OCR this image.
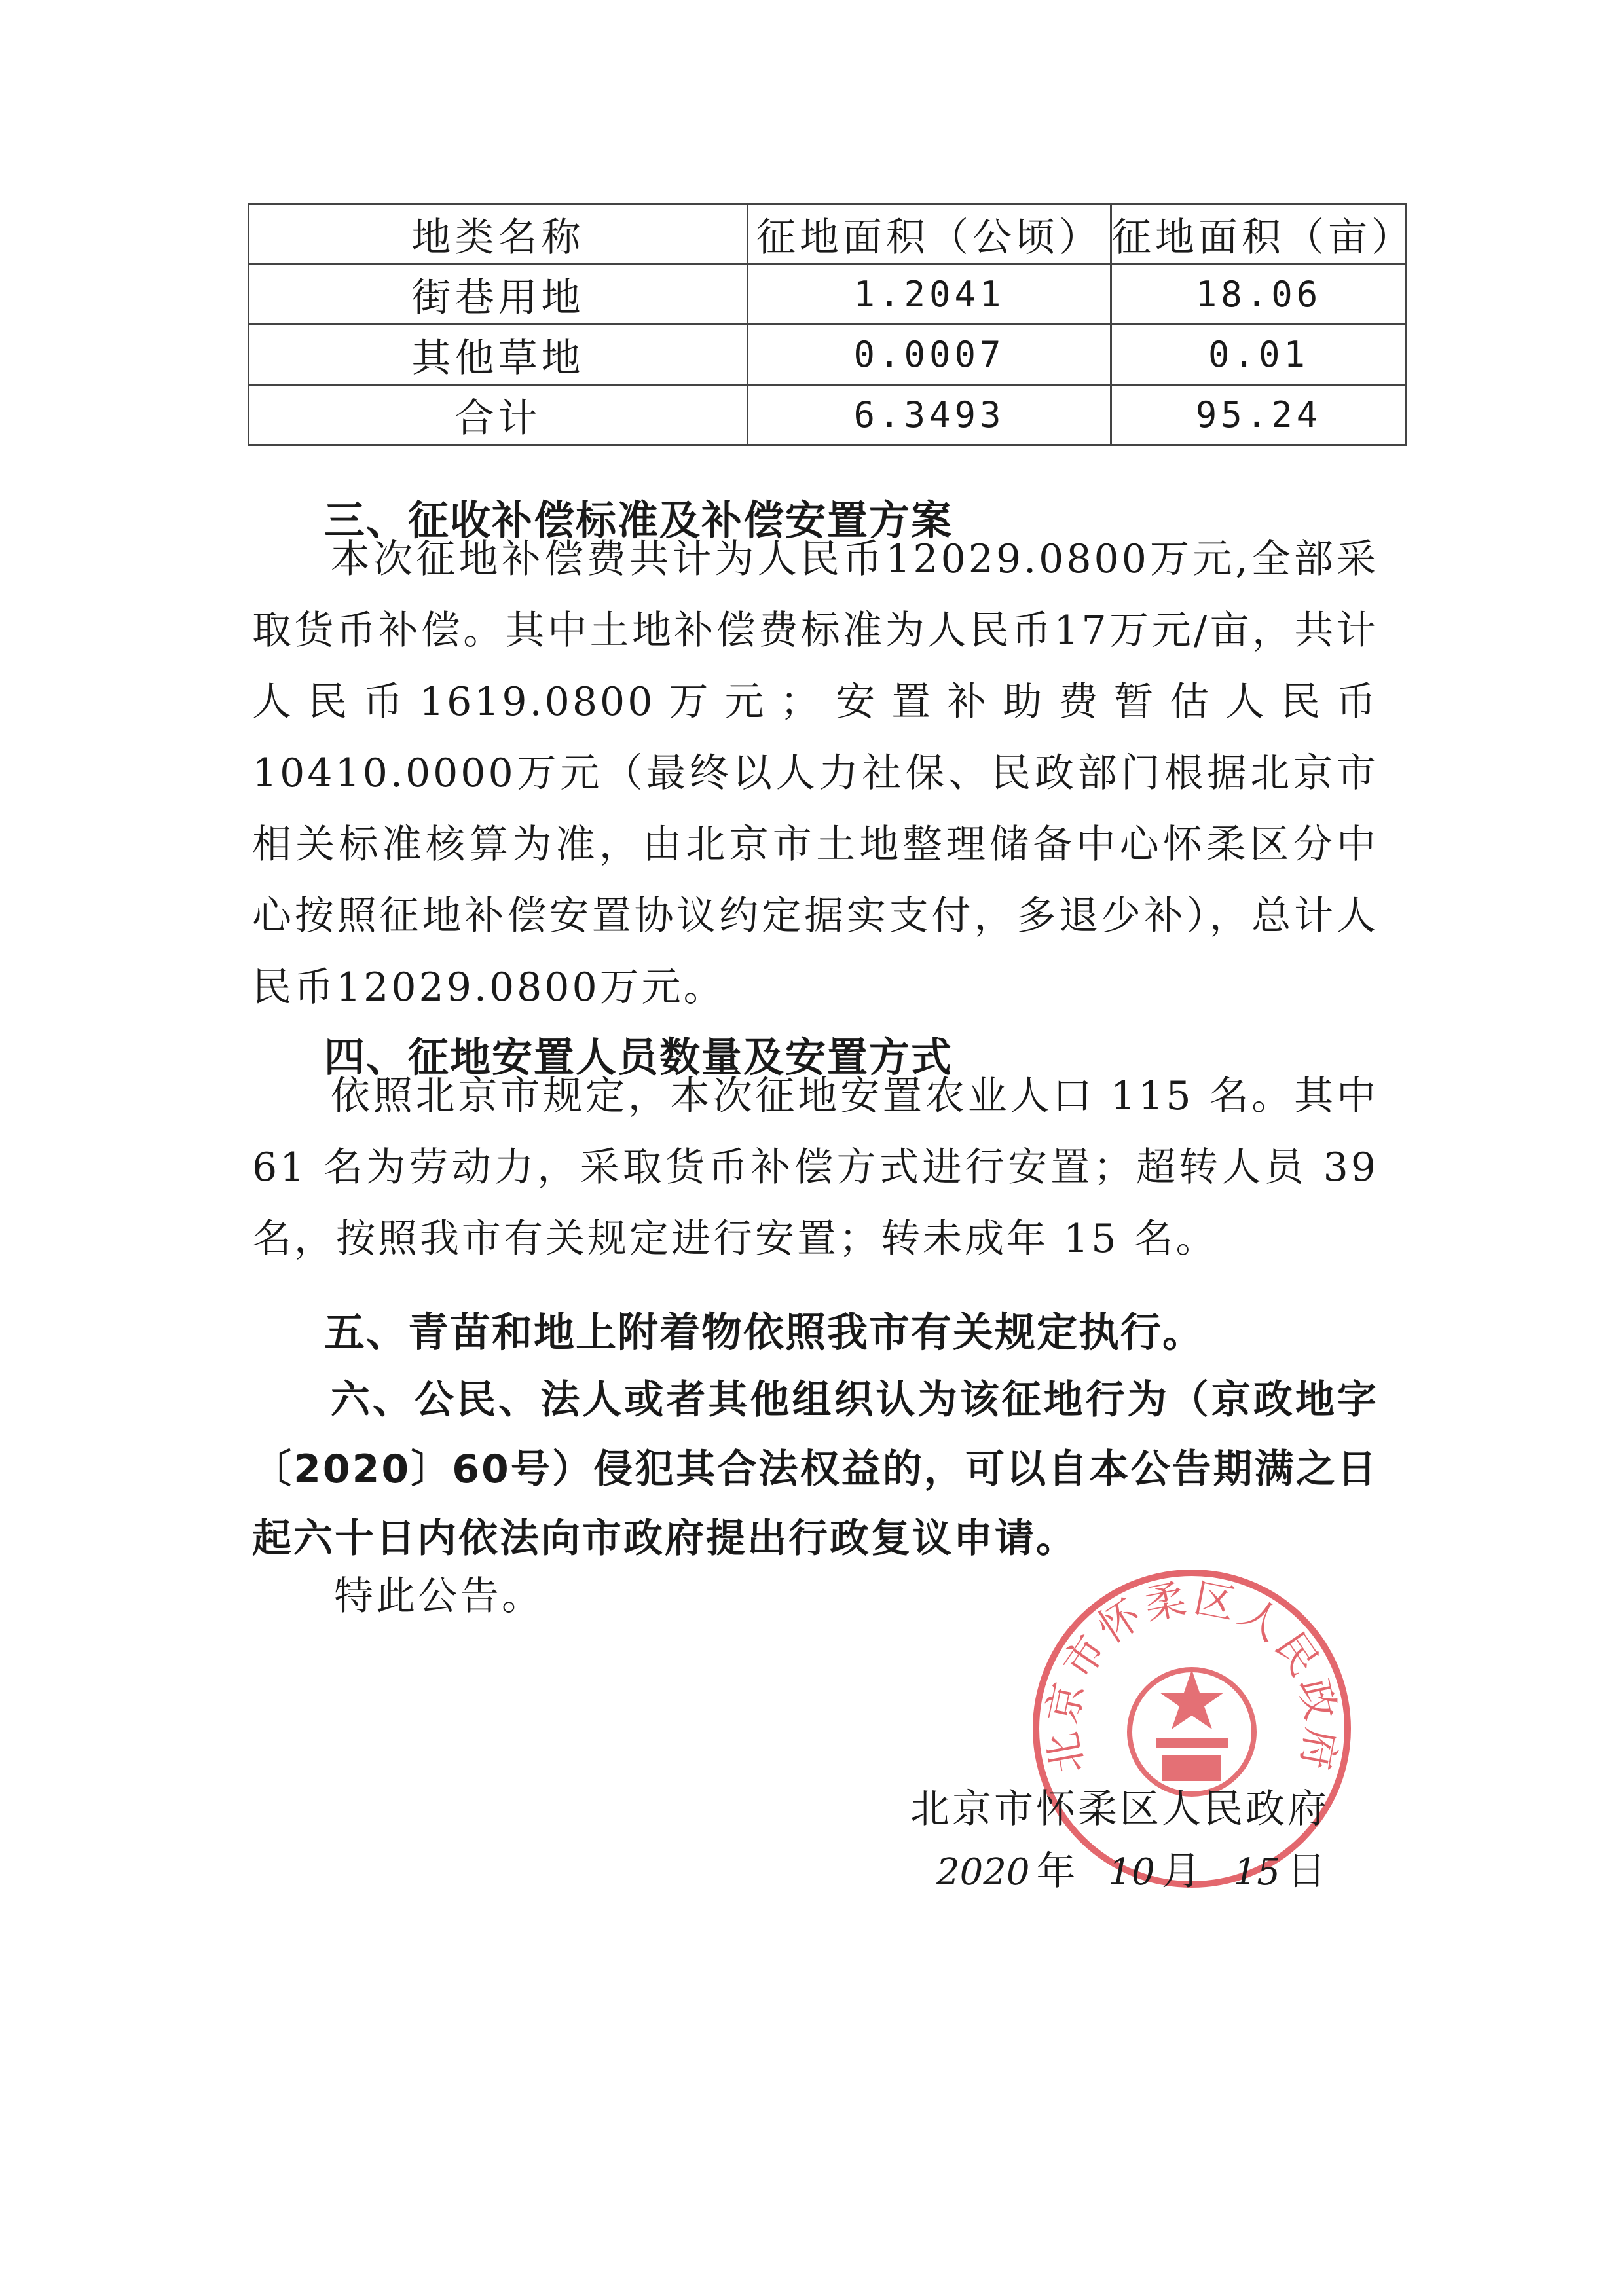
地类名称	征地面积（公顷）	征地面积（亩）
街巷用地	1.2041	18.06
其他草地	0.0007	0.01
合计	6.3493	95.24
三、征收补偿标准及补偿安置方案

本次征地补偿费共计为人民币12029.0800万元,全部采取货币补偿。其中土地补偿费标准为人民币17万元/亩，共计人民币1619.0800万元；安置补助费暂估人民币10410.0000万元（最终以人力社保、民政部门根据北京市相关标准核算为准，由北京市土地整理储备中心怀柔区分中心按照征地补偿安置协议约定据实支付，多退少补），总计人民币12029.0800万元。

四、征地安置人员数量及安置方式

依照北京市规定，本次征地安置农业人口 115 名。其中 61 名为劳动力，采取货币补偿方式进行安置；超转人员 39 名，按照我市有关规定进行安置；转未成年 15 名。

五、青苗和地上附着物依照我市有关规定执行。

六、公民、法人或者其他组织认为该征地行为（京政地字〔2020〕60号）侵犯其合法权益的，可以自本公告期满之日起六十日内依法向市政府提出行政复议申请。

特此公告。
北京市怀柔区人民政府
北京市怀柔区人民政府
2020 年 10 月 15 日
